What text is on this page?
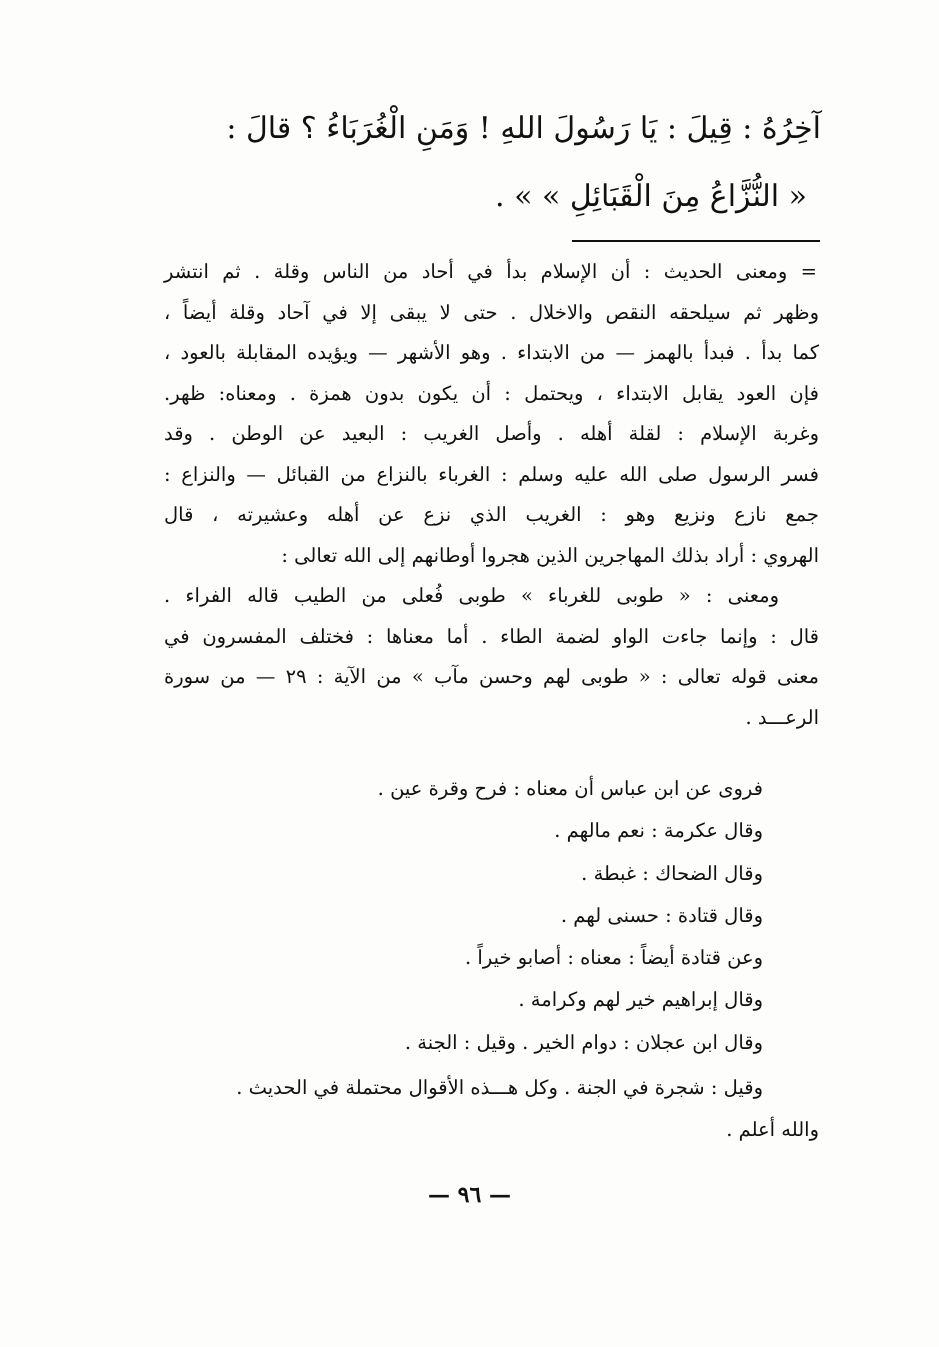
آخِرُهُ : قِيلَ : يَا رَسُولَ اللهِ ! وَمَنِ الْغُرَبَاءُ ؟ قالَ :

« النُّزَّاعُ مِنَ الْقَبَائِلِ » » .

= ومعنى الحديث : أن الإسلام بدأ في أحاد من الناس وقلة . ثم انتشر

وظهر ثم سيلحقه النقص والاخلال . حتى لا يبقى إلا في آحاد وقلة أيضاً ،

كما بدأ . فبدأ بالهمز — من الابتداء . وهو الأشهر — ويؤيده المقابلة بالعود ،

فإن العود يقابل الابتداء ، ويحتمل : أن يكون بدون همزة . ومعناه: ظهر.

وغربة الإسلام : لقلة أهله . وأصل الغريب : البعيد عن الوطن . وقد

فسر الرسول صلى الله عليه وسلم : الغرباء بالنزاع من القبائل — والنزاع :

جمع نازع ونزيع وهو : الغريب الذي نزع عن أهله وعشيرته ، قال

الهروي : أراد بذلك المهاجرين الذين هجروا أوطانهم إلى الله تعالى :

ومعنى : « طوبى للغرباء » طوبى فُعلى من الطيب قاله الفراء .

قال : وإنما جاءت الواو لضمة الطاء . أما معناها : فختلف المفسرون في

معنى قوله تعالى : « طوبى لهم وحسن مآب » من الآية : ٢٩ — من سورة

الرعـــد .

فروى عن ابن عباس أن معناه : فرح وقرة عين .

وقال عكرمة : نعم مالهم .

وقال الضحاك : غبطة .

وقال قتادة : حسنى لهم .

وعن قتادة أيضاً : معناه : أصابو خيراً .

وقال إبراهيم خير لهم وكرامة .

وقال ابن عجلان : دوام الخير . وقيل : الجنة .

وقيل : شجرة في الجنة . وكل هـــذه الأقوال محتملة في الحديث .

والله أعلم .

— ٩٦ —
